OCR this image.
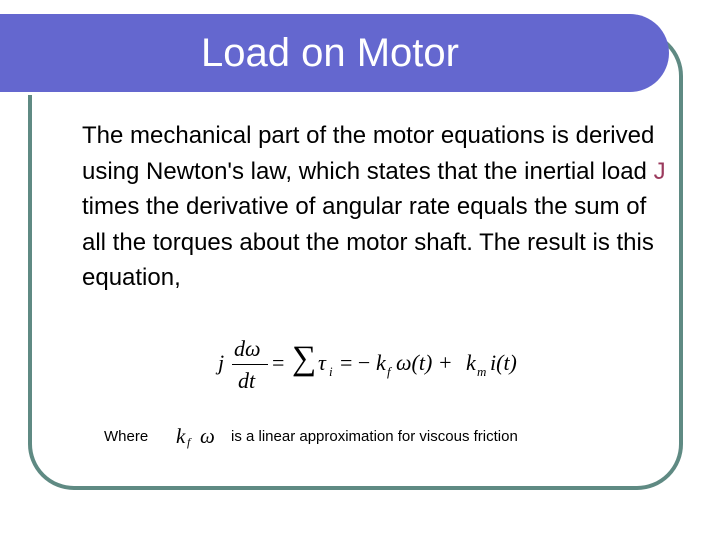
Load on Motor
The mechanical part of the motor equations is derived using Newton's law, which states that the inertial load J times the derivative of angular rate equals the sum of all the torques about the motor shaft. The result is this equation,
j
dω
dt
= ∑ τ i = − k f ω(t) + k m i(t)
Where k f ω is a linear approximation for viscous friction
